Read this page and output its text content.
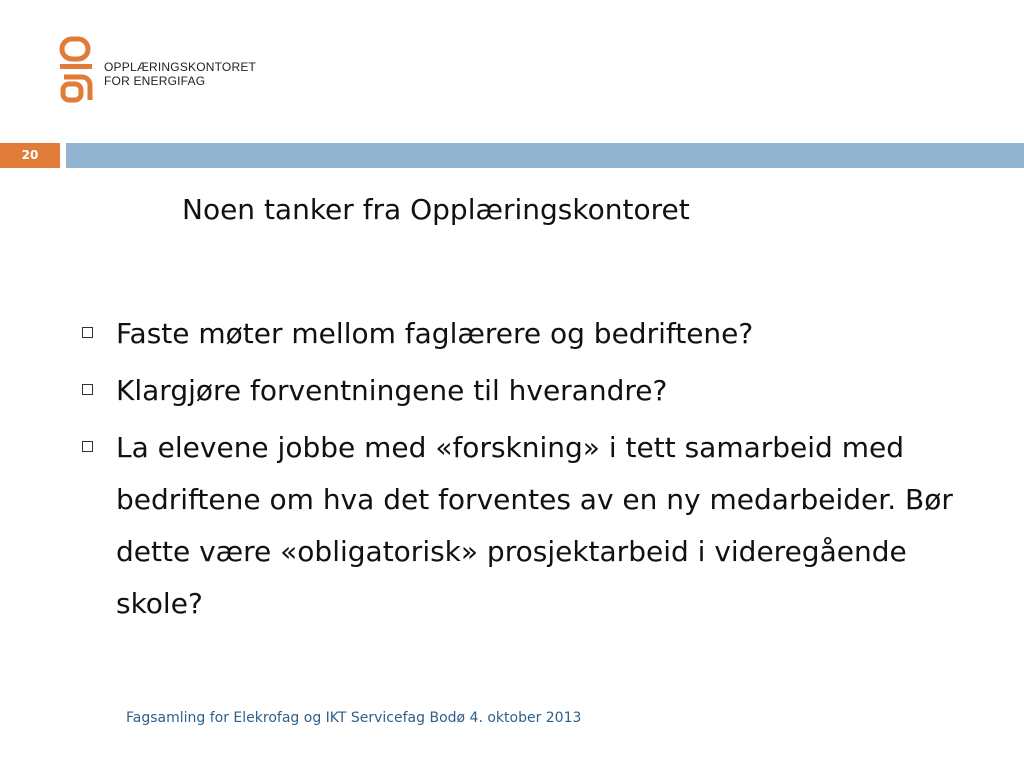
OPPLÆRINGSKONTORET
FOR ENERGIFAG
20
Noen tanker fra Opplæringskontoret
Faste møter mellom faglærere og bedriftene?
Klargjøre forventningene til hverandre?
La elevene jobbe med «forskning» i tett samarbeid med bedriftene om hva det forventes av en ny medarbeider. Bør dette være «obligatorisk» prosjektarbeid i videregående skole?
Fagsamling for Elekrofag og IKT Servicefag Bodø 4. oktober 2013
